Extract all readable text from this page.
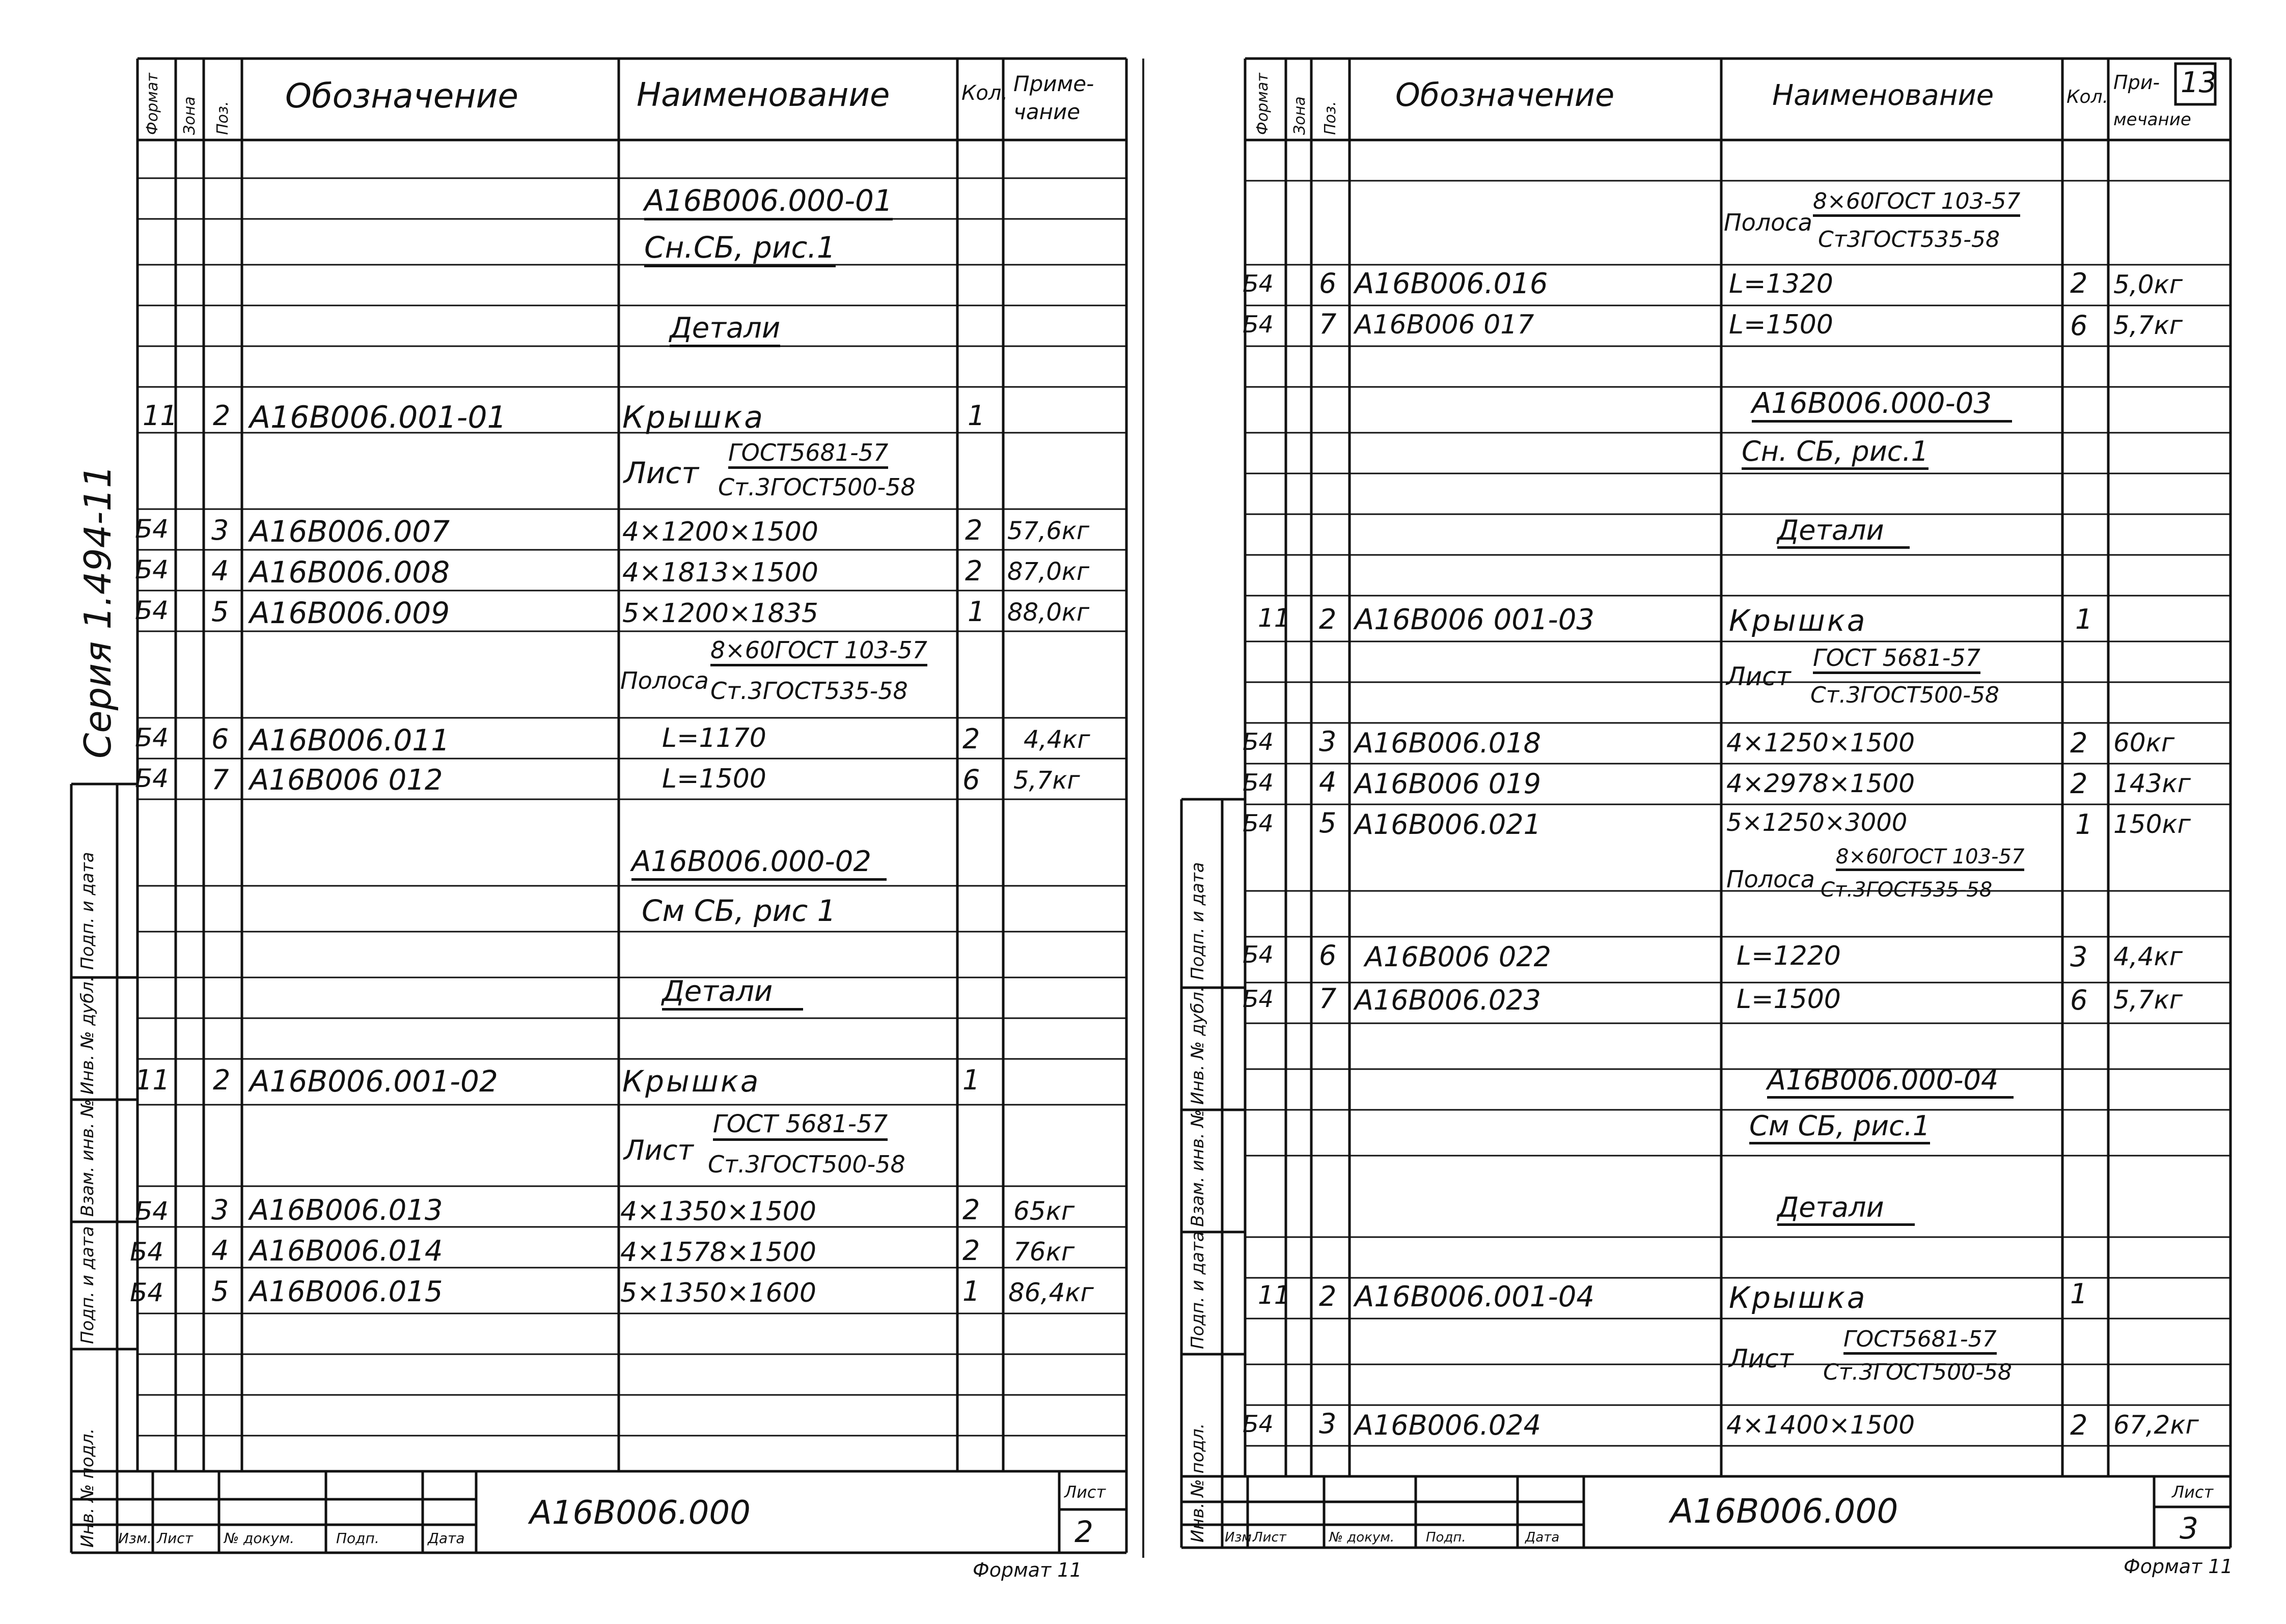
Серия 1.494-11
Подп. и дата
Инв. № дубл.
Взам. инв. №
Подп. и дата
Инв. № подл.
Формат Зона Поз.
Обозначение	Наименование	Кол. Приме-
чание
А16В006.000-01
Сн.СБ, рис.1
Детали
11 2 А16В006.001-01	Крышка	1
Лист
ГОСТ5681-57
Ст.3ГОСТ500-58
Б4 3 А16В006.007	4×1200×1500	2 57,6кг
Б4 4 А16В006.008	4×1813×1500	2 87,0кг
Б4 5 А16В006.009	5×1200×1835	1 88,0кг
Полоса
8×60ГОСТ 103-57
Ст.3ГОСТ535-58
Б4 6 А16В006.011	L=1170	2 4,4кг
Б4 7 А16В006 012	L=1500	6 5,7кг
А16В006.000-02
См СБ, рис 1
Детали
11 2 А16В006.001-02	Крышка	1
Лист
ГОСТ 5681-57
Ст.3ГОСТ500-58
Б4 3 А16В006.013	4×1350×1500	2 65кг
Б4 4 А16В006.014	4×1578×1500	2 76кг
Б4 5 А16В006.015	5×1350×1600	1 86,4кг
Изм. Лист № докум.	Подп.	Дата
А16В006.000
Лист
2
Формат 11
Подп. и дата
Инв. № дубл.
Взам. инв. №
Подп. и дата
Инв. № подл.
Формат Зона Поз.
Обозначение	Наименование	Кол.
При-
мечание
13
Полоса
8×60ГОСТ 103-57
Ст3ГОСТ535-58
Б4 6 А16В006.016	L=1320	2 5,0кг
Б4 7 А16В006 017	L=1500	6 5,7кг
А16В006.000-03
Сн. СБ, рис.1
Детали
11 2 А16В006 001-03	Крышка	1
Лист
ГОСТ 5681-57
Ст.3ГОСТ500-58
Б4 3 А16В006.018	4×1250×1500	2 60кг
Б4 4 А16В006 019	4×2978×1500	2 143кг
Б4 5 А16В006.021	5×1250×3000	1 150кг
Полоса
8×60ГОСТ 103-57
Ст.3ГОСТ535-58
Б4 6 А16В006 022	L=1220	3 4,4кг
Б4 7 А16В006.023	L=1500	6 5,7кг
А16В006.000-04
См СБ, рис.1
Детали
11 2 А16В006.001-04	Крышка	1
Лист
ГОСТ5681-57
Ст.3ГОСТ500-58
Б4 3 А16В006.024	4×1400×1500	2 67,2кг
Изм.
Лист	№ докум. Подп.	Дата
А16В006.000	Лист
3
Формат 11
